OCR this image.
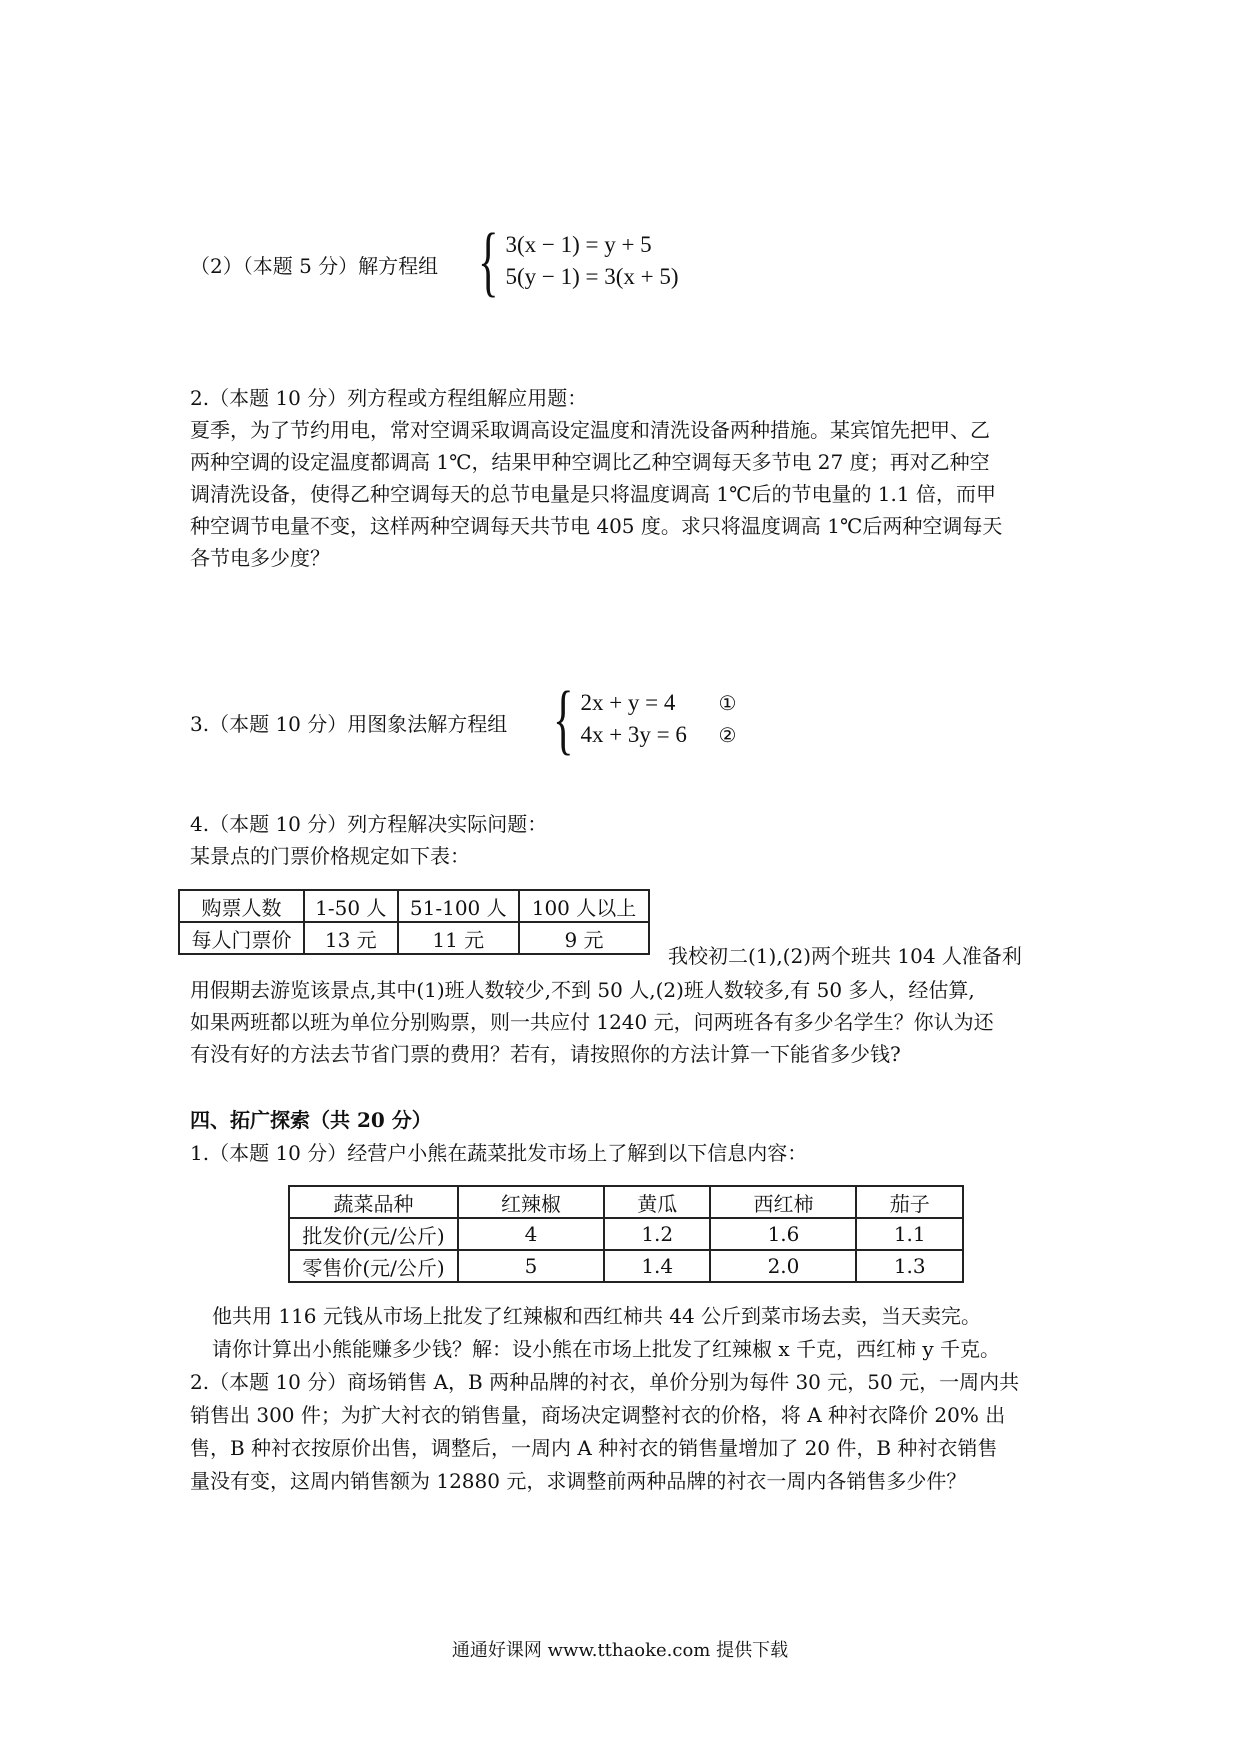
（2）（本题 5 分）解方程组 { 3(x − 1) = y + 5
5(y − 1) = 3(x + 5)
2.（本题 10 分）列方程或方程组解应用题：
夏季，为了节约用电，常对空调采取调高设定温度和清洗设备两种措施。某宾馆先把甲、乙
两种空调的设定温度都调高 1℃，结果甲种空调比乙种空调每天多节电 27 度；再对乙种空
调清洗设备，使得乙种空调每天的总节电量是只将温度调高 1℃后的节电量的 1.1 倍，而甲
种空调节电量不变，这样两种空调每天共节电 405 度。求只将温度调高 1℃后两种空调每天
各节电多少度？
3.（本题 10 分）用图象法解方程组 { 2x + y = 4	①
4x + 3y = 6	②
4.（本题 10 分）列方程解决实际问题：
某景点的门票价格规定如下表：
购票人数	1-50 人	51-100 人	100 人以上
每人门票价	13 元	11 元	9 元
我校初二(1),(2)两个班共 104 人准备利
用假期去游览该景点,其中(1)班人数较少,不到 50 人,(2)班人数较多,有 50 多人，经估算,
如果两班都以班为单位分别购票，则一共应付 1240 元，问两班各有多少名学生？你认为还
有没有好的方法去节省门票的费用？若有，请按照你的方法计算一下能省多少钱?
四、拓广探索（共 20 分）
1.（本题 10 分）经营户小熊在蔬菜批发市场上了解到以下信息内容：
蔬菜品种	红辣椒	黄瓜	西红柿	茄子
批发价(元/公斤)	4	1.2	1.6	1.1
零售价(元/公斤)	5	1.4	2.0	1.3
他共用 116 元钱从市场上批发了红辣椒和西红柿共 44 公斤到菜市场去卖，当天卖完。
请你计算出小熊能赚多少钱？解：设小熊在市场上批发了红辣椒 x 千克，西红柿 y 千克。
2.（本题 10 分）商场销售 A，B 两种品牌的衬衣，单价分别为每件 30 元，50 元，一周内共
销售出 300 件；为扩大衬衣的销售量，商场决定调整衬衣的价格，将 A 种衬衣降价 20% 出
售，B 种衬衣按原价出售，调整后，一周内 A 种衬衣的销售量增加了 20 件，B 种衬衣销售
量没有变，这周内销售额为 12880 元，求调整前两种品牌的衬衣一周内各销售多少件？
通通好课网 www.tthaoke.com 提供下载
